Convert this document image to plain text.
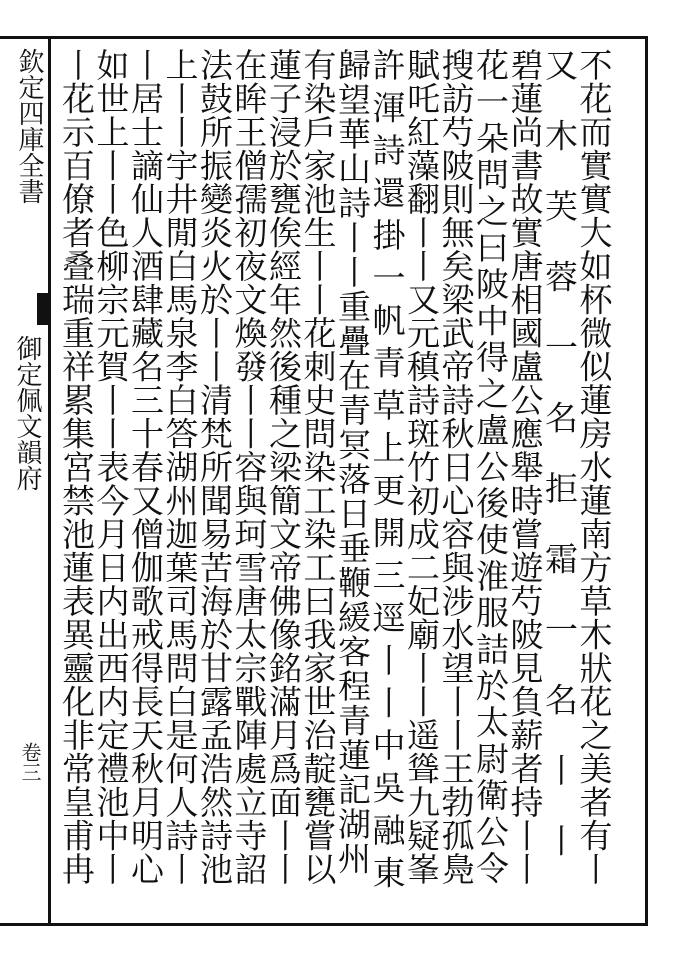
欽定四庫全書
御定佩文韻府
卷三	不花而實實大如杯微似蓮房水蓮南方草木狀花之美者有丨
又木芙蓉一名拒霜一名丨丨
碧蓮尚書故實唐相國盧公應舉時嘗遊芍陂見負薪者持丨丨
花一朵問之曰陂中得之盧公後使淮服詰於太尉衛公令
搜訪芍陂則無矣梁武帝詩秋日心容與涉水望丨丨王勃孤鳧
賦吒紅藻翻丨丨又元稹詩斑竹初成二妃廟丨丨遥聳九疑峯
許渾詩還掛一帆青草上更開三逕丨丨中吳融東
歸望華山詩丨丨重疊在青冥落日垂鞭緩客程青蓮記湖州
有染戶家池生丨丨花刺史問染工染工曰我家世治靛甕嘗以
蓮子浸於甕俟經年然後種之梁簡文帝佛像銘滿月爲面丨丨
在眸王僧孺初夜文煥發丨丨容與珂雪唐太宗戰陣處立寺詔
法鼓所振變炎火於丨丨清梵所聞易苦海於甘露孟浩然詩池
上丨丨宇井閒白馬泉李白答湖州迦葉司馬問白是何人詩丨
丨居士謫仙人酒肆藏名三十春又僧伽歌戒得長天秋月明心
如世上丨丨色柳宗元賀丨丨表今月日内出西内定禮池中丨
丨花示百僚者叠瑞重祥累集宮禁池蓮表異靈化非常皇甫冉
